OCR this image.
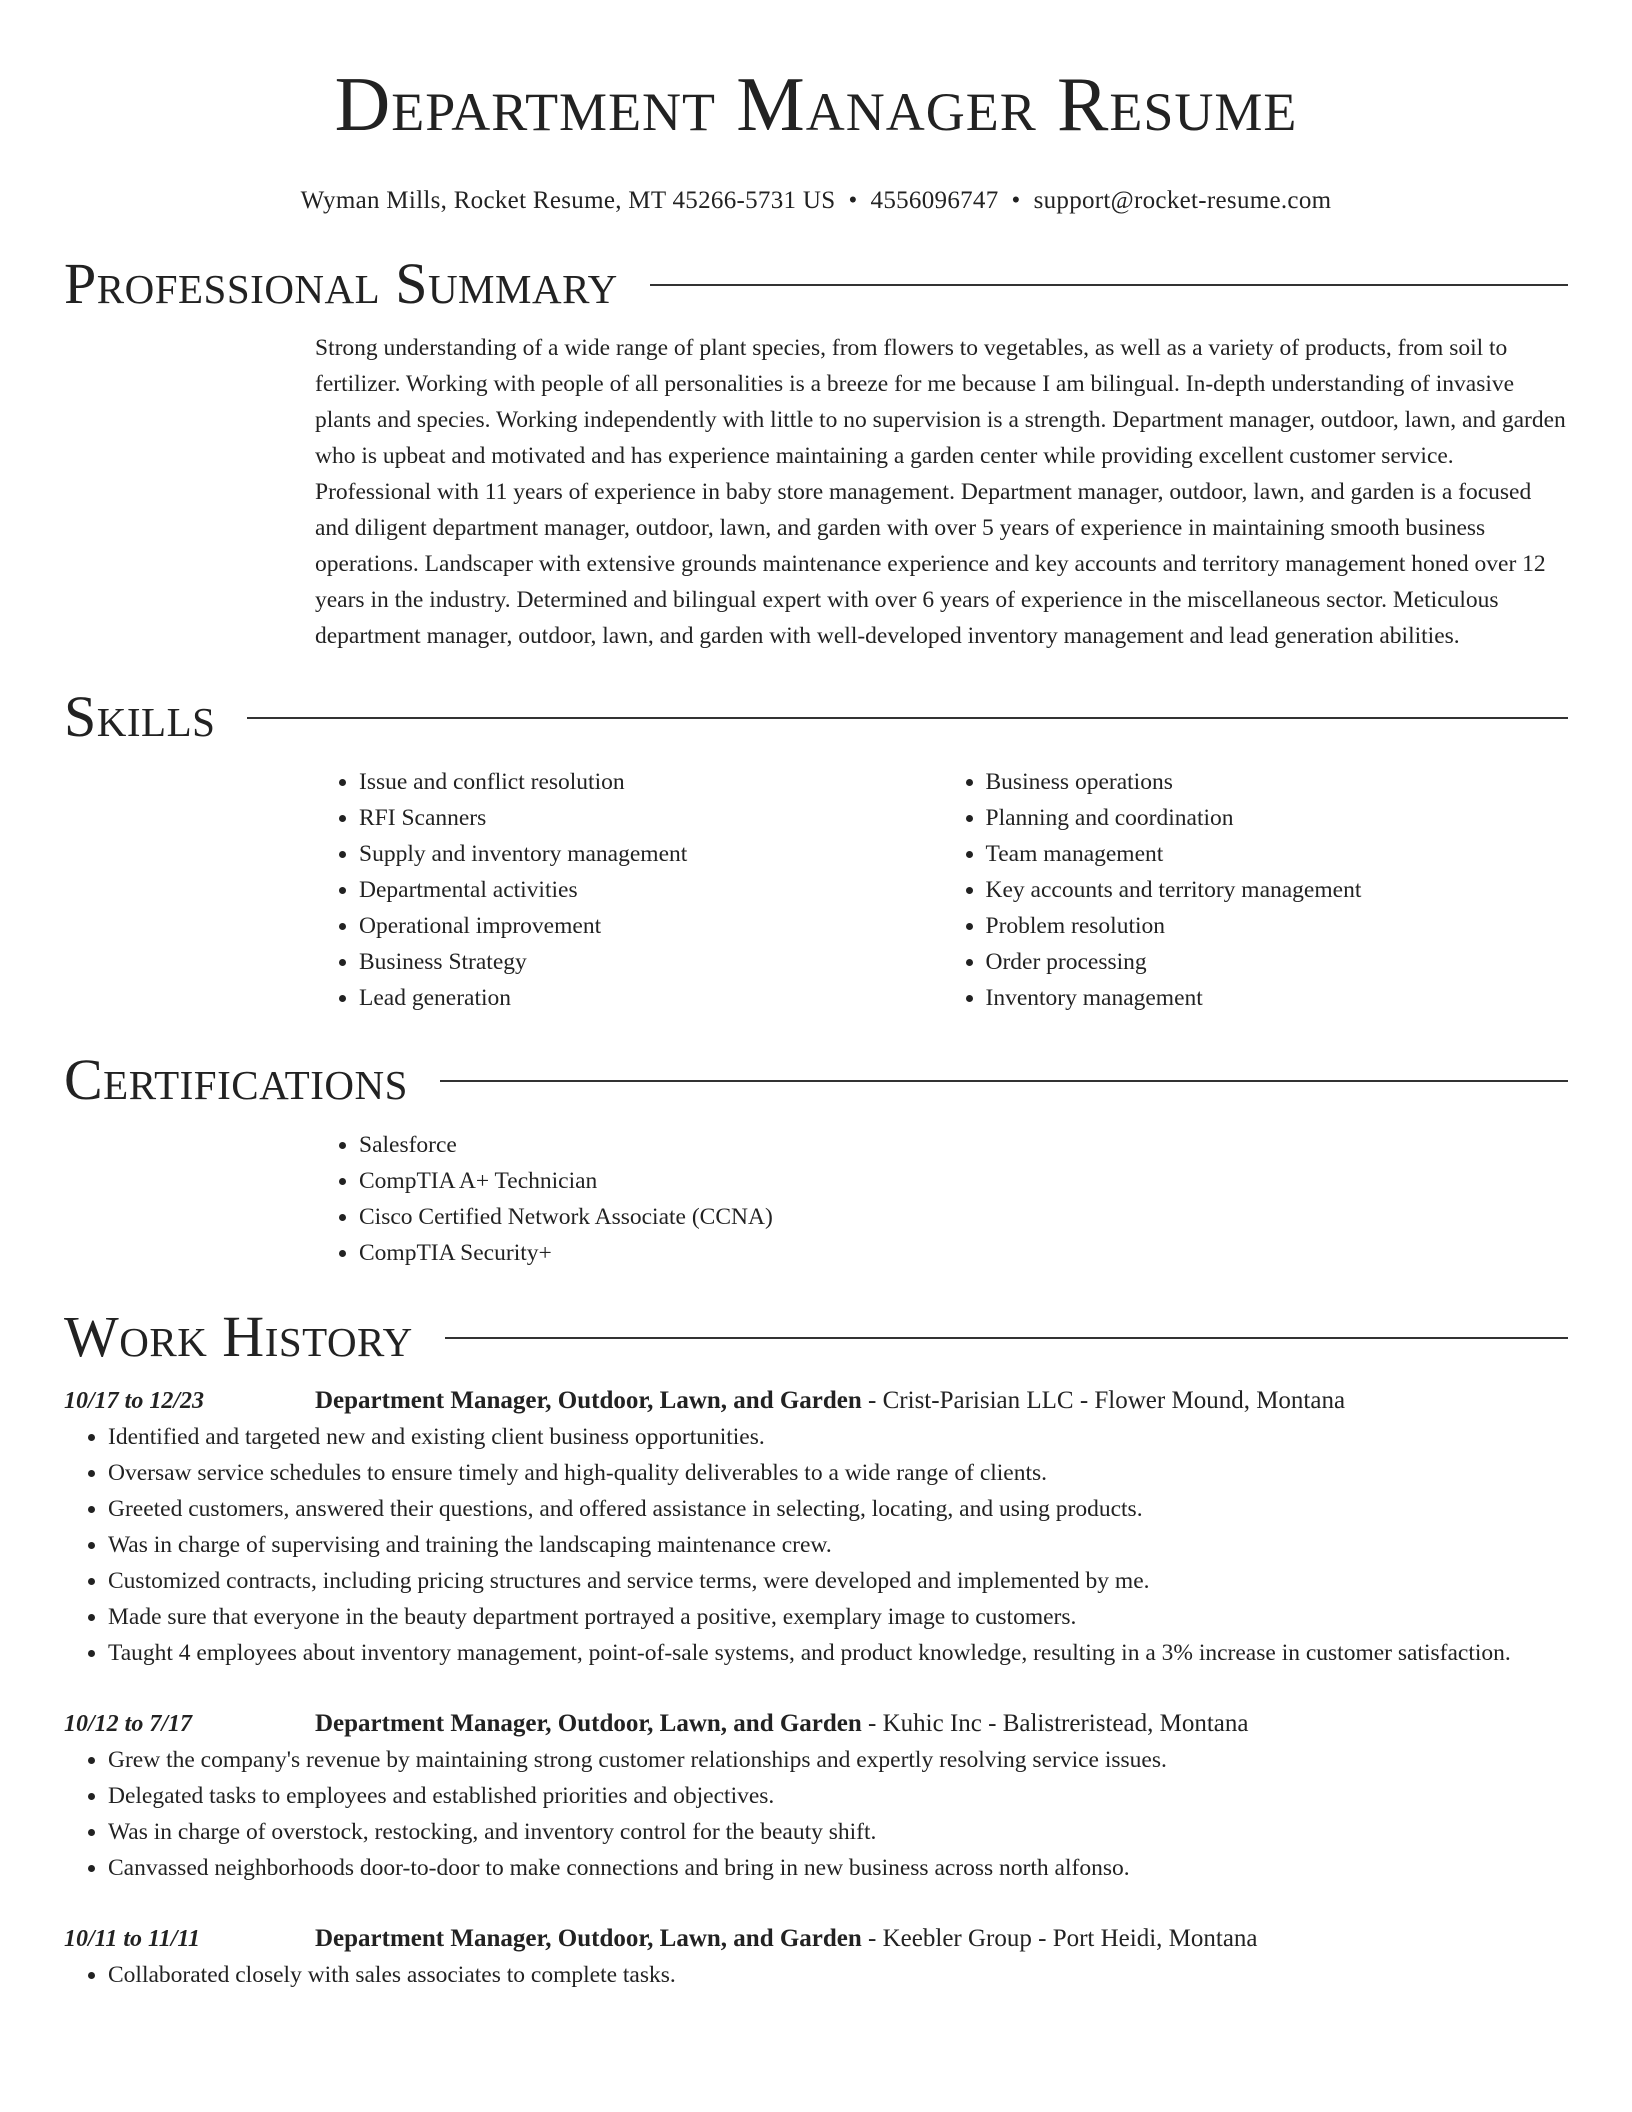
Department Manager Resume
Wyman Mills, Rocket Resume, MT 45266-5731 US • 4556096747 • support@rocket-resume.com
Professional Summary

Strong understanding of a wide range of plant species, from flowers to vegetables, as well as a variety of products, from soil to fertilizer. Working with people of all personalities is a breeze for me because I am bilingual. In-depth understanding of invasive plants and species. Working independently with little to no supervision is a strength. Department manager, outdoor, lawn, and garden who is upbeat and motivated and has experience maintaining a garden center while providing excellent customer service. Professional with 11 years of experience in baby store management. Department manager, outdoor, lawn, and garden is a focused and diligent department manager, outdoor, lawn, and garden with over 5 years of experience in maintaining smooth business operations. Landscaper with extensive grounds maintenance experience and key accounts and territory management honed over 12 years in the industry. Determined and bilingual expert with over 6 years of experience in the miscellaneous sector. Meticulous department manager, outdoor, lawn, and garden with well-developed inventory management and lead generation abilities.

Skills
• Issue and conflict resolution
• RFI Scanners
• Supply and inventory management
• Departmental activities
• Operational improvement
• Business Strategy
• Lead generation
• Business operations
• Planning and coordination
• Team management
• Key accounts and territory management
• Problem resolution
• Order processing
• Inventory management
Certifications
• Salesforce
• CompTIA A+ Technician
• Cisco Certified Network Associate (CCNA)
• CompTIA Security+
Work History
10/17 to 12/23	Department Manager, Outdoor, Lawn, and Garden - Crist-Parisian LLC - Flower Mound, Montana
• Identified and targeted new and existing client business opportunities.
• Oversaw service schedules to ensure timely and high-quality deliverables to a wide range of clients.
• Greeted customers, answered their questions, and offered assistance in selecting, locating, and using products.
• Was in charge of supervising and training the landscaping maintenance crew.
• Customized contracts, including pricing structures and service terms, were developed and implemented by me.
• Made sure that everyone in the beauty department portrayed a positive, exemplary image to customers.
• Taught 4 employees about inventory management, point-of-sale systems, and product knowledge, resulting in a 3% increase in customer satisfaction.
10/12 to 7/17	Department Manager, Outdoor, Lawn, and Garden - Kuhic Inc - Balistreristead, Montana
• Grew the company's revenue by maintaining strong customer relationships and expertly resolving service issues.
• Delegated tasks to employees and established priorities and objectives.
• Was in charge of overstock, restocking, and inventory control for the beauty shift.
• Canvassed neighborhoods door-to-door to make connections and bring in new business across north alfonso.
10/11 to 11/11	Department Manager, Outdoor, Lawn, and Garden - Keebler Group - Port Heidi, Montana
• Collaborated closely with sales associates to complete tasks.
